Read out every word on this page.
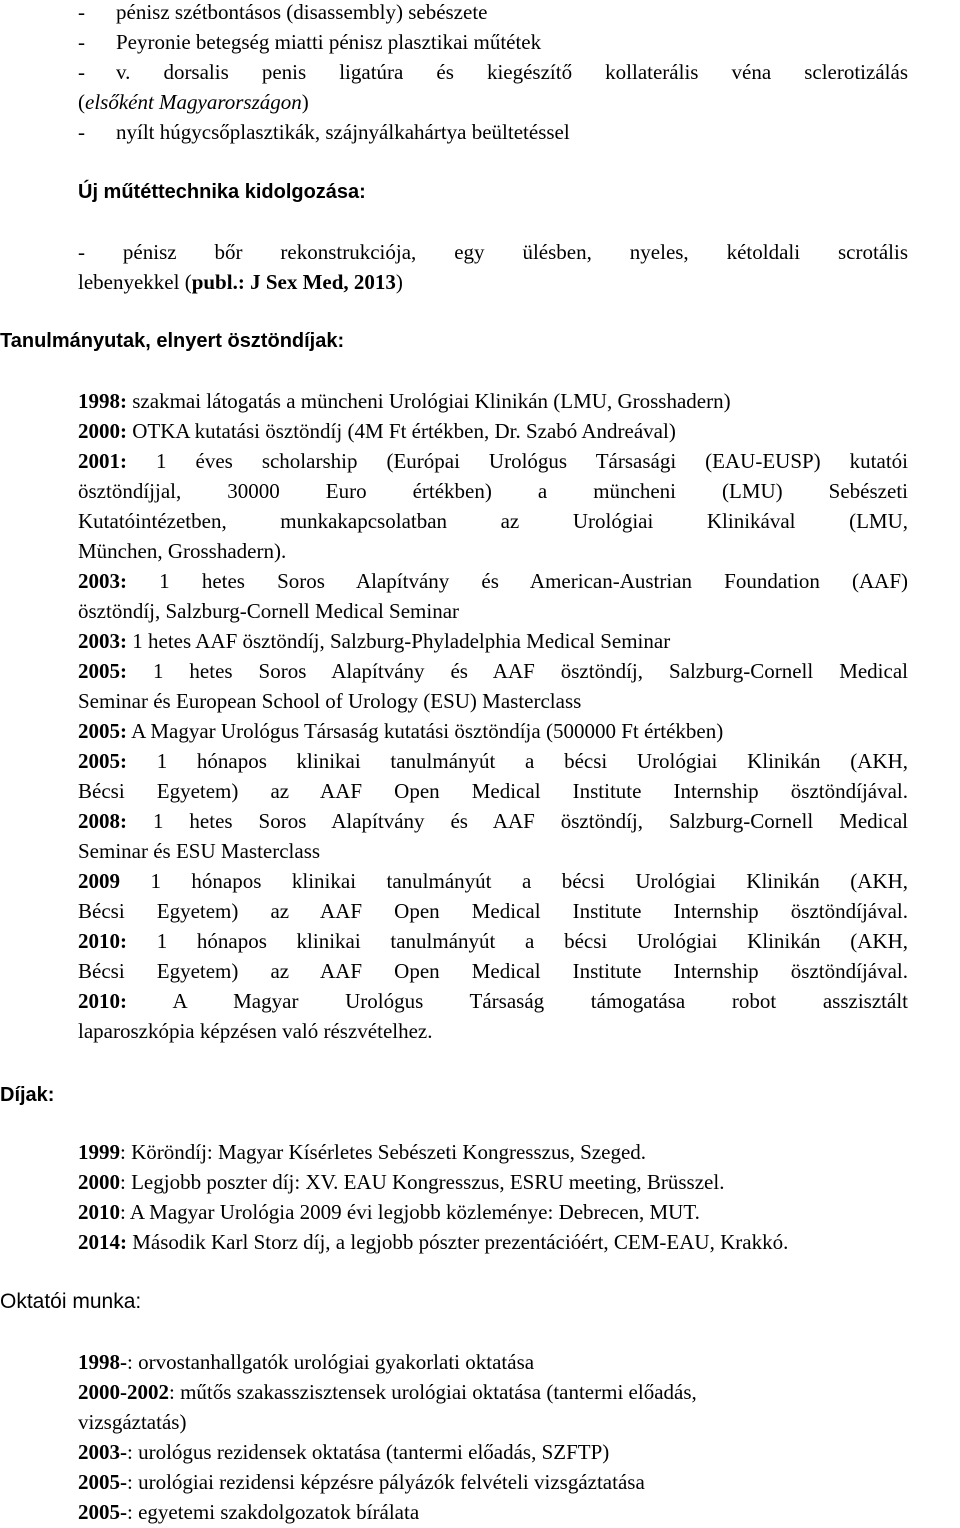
-	pénisz szétbontásos (disassembly) sebészete
-	Peyronie betegség miatti pénisz plasztikai műtétek
-	v. dorsalis penis ligatúra és kiegészítő kollaterális véna sclerotizálás
(elsőként Magyarországon)
-	nyílt húgycsőplasztikák, szájnyálkahártya beültetéssel
Új műtéttechnika kidolgozása:
- pénisz bőr rekonstrukciója, egy ülésben, nyeles, kétoldali scrotális
lebenyekkel (publ.: J Sex Med, 2013)
Tanulmányutak, elnyert ösztöndíjak:
1998: szakmai látogatás a müncheni Urológiai Klinikán (LMU, Grosshadern)
2000: OTKA kutatási ösztöndíj (4M Ft értékben, Dr. Szabó Andreával)
2001: 1 éves scholarship (Európai Urológus Társasági (EAU-EUSP) kutatói
ösztöndíjjal, 30000 Euro értékben) a müncheni (LMU) Sebészeti
Kutatóintézetben, munkakapcsolatban az Urológiai Klinikával (LMU,
München, Grosshadern).
2003: 1 hetes Soros Alapítvány és American-Austrian Foundation (AAF)
ösztöndíj, Salzburg-Cornell Medical Seminar
2003: 1 hetes AAF ösztöndíj, Salzburg-Phyladelphia Medical Seminar
2005: 1 hetes Soros Alapítvány és AAF ösztöndíj, Salzburg-Cornell Medical
Seminar és European School of Urology (ESU) Masterclass
2005: A Magyar Urológus Társaság kutatási ösztöndíja (500000 Ft értékben)
2005: 1 hónapos klinikai tanulmányút a bécsi Urológiai Klinikán (AKH,
Bécsi Egyetem) az AAF Open Medical Institute Internship ösztöndíjával.
2008: 1 hetes Soros Alapítvány és AAF ösztöndíj, Salzburg-Cornell Medical
Seminar és ESU Masterclass
2009 1 hónapos klinikai tanulmányút a bécsi Urológiai Klinikán (AKH,
Bécsi Egyetem) az AAF Open Medical Institute Internship ösztöndíjával.
2010: 1 hónapos klinikai tanulmányút a bécsi Urológiai Klinikán (AKH,
Bécsi Egyetem) az AAF Open Medical Institute Internship ösztöndíjával.
2010: A Magyar Urológus Társaság támogatása robot asszisztált
laparoszkópia képzésen való részvételhez.
Díjak:
1999: Köröndíj: Magyar Kísérletes Sebészeti Kongresszus, Szeged.
2000: Legjobb poszter díj: XV. EAU Kongresszus, ESRU meeting, Brüsszel.
2010: A Magyar Urológia 2009 évi legjobb közleménye: Debrecen, MUT.
2014: Második Karl Storz díj, a legjobb pószter prezentációért, CEM-EAU, Krakkó.
Oktatói munka:
1998-: orvostanhallgatók urológiai gyakorlati oktatása
2000-2002: műtős szakasszisztensek urológiai oktatása (tantermi előadás,
vizsgáztatás)
2003-: urológus rezidensek oktatása (tantermi előadás, SZFTP)
2005-: urológiai rezidensi képzésre pályázók felvételi vizsgáztatása
2005-: egyetemi szakdolgozatok bírálata
